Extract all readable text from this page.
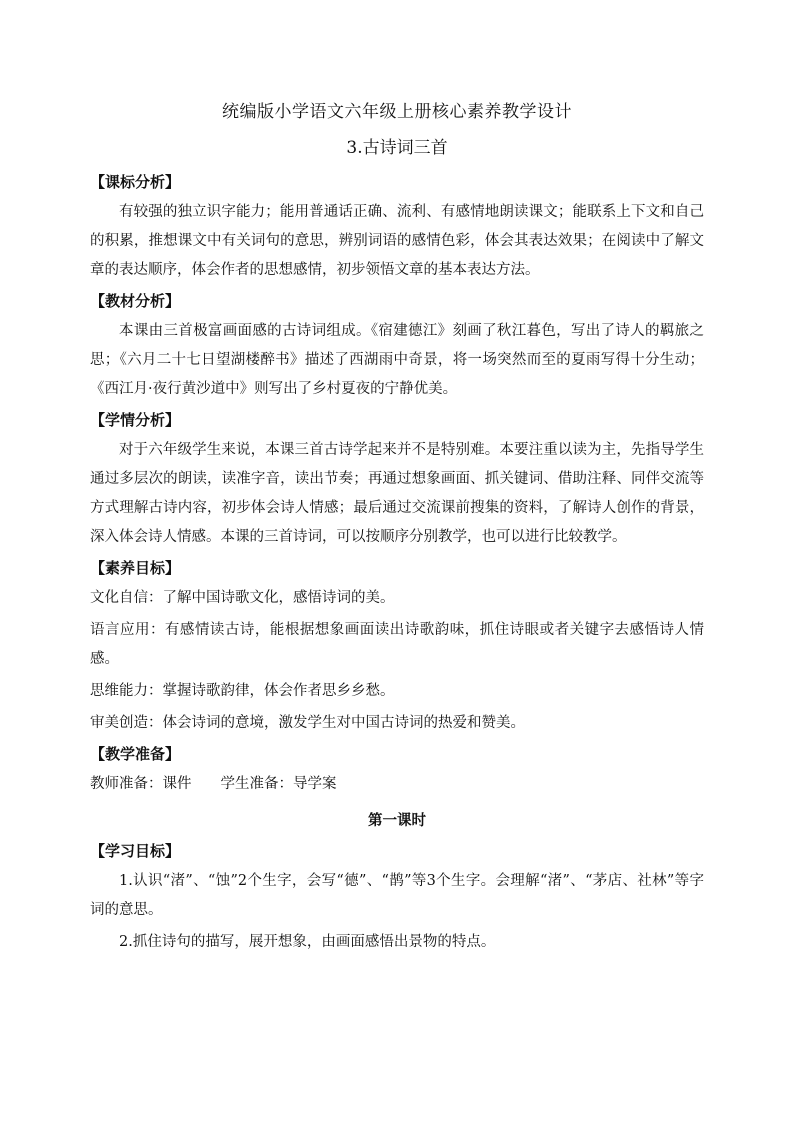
统编版小学语文六年级上册核心素养教学设计
3.古诗词三首
【课标分析】

有较强的独立识字能力；能用普通话正确、流利、有感情地朗读课文；能联系上下文和自己的积累，推想课文中有关词句的意思，辨别词语的感情色彩，体会其表达效果；在阅读中了解文章的表达顺序，体会作者的思想感情，初步领悟文章的基本表达方法。

【教材分析】

本课由三首极富画面感的古诗词组成。《宿建德江》刻画了秋江暮色，写出了诗人的羁旅之思；《六月二十七日望湖楼醉书》描述了西湖雨中奇景，将一场突然而至的夏雨写得十分生动；《西江月·夜行黄沙道中》则写出了乡村夏夜的宁静优美。

【学情分析】

对于六年级学生来说，本课三首古诗学起来并不是特别难。本要注重以读为主，先指导学生通过多层次的朗读，读准字音，读出节奏；再通过想象画面、抓关键词、借助注释、同伴交流等方式理解古诗内容，初步体会诗人情感；最后通过交流课前搜集的资料，了解诗人创作的背景，深入体会诗人情感。本课的三首诗词，可以按顺序分别教学，也可以进行比较教学。

【素养目标】

文化自信：了解中国诗歌文化，感悟诗词的美。

语言应用：有感情读古诗，能根据想象画面读出诗歌韵味，抓住诗眼或者关键字去感悟诗人情感。

思维能力：掌握诗歌韵律，体会作者思乡乡愁。

审美创造：体会诗词的意境，激发学生对中国古诗词的热爱和赞美。

【教学准备】

教师准备：课件　　学生准备：导学案

第一课时
【学习目标】

1.认识“渚”、“蚀”2个生字，会写“德”、“鹊”等3个生字。会理解“渚”、“茅店、社林”等字词的意思。

2.抓住诗句的描写，展开想象，由画面感悟出景物的特点。
